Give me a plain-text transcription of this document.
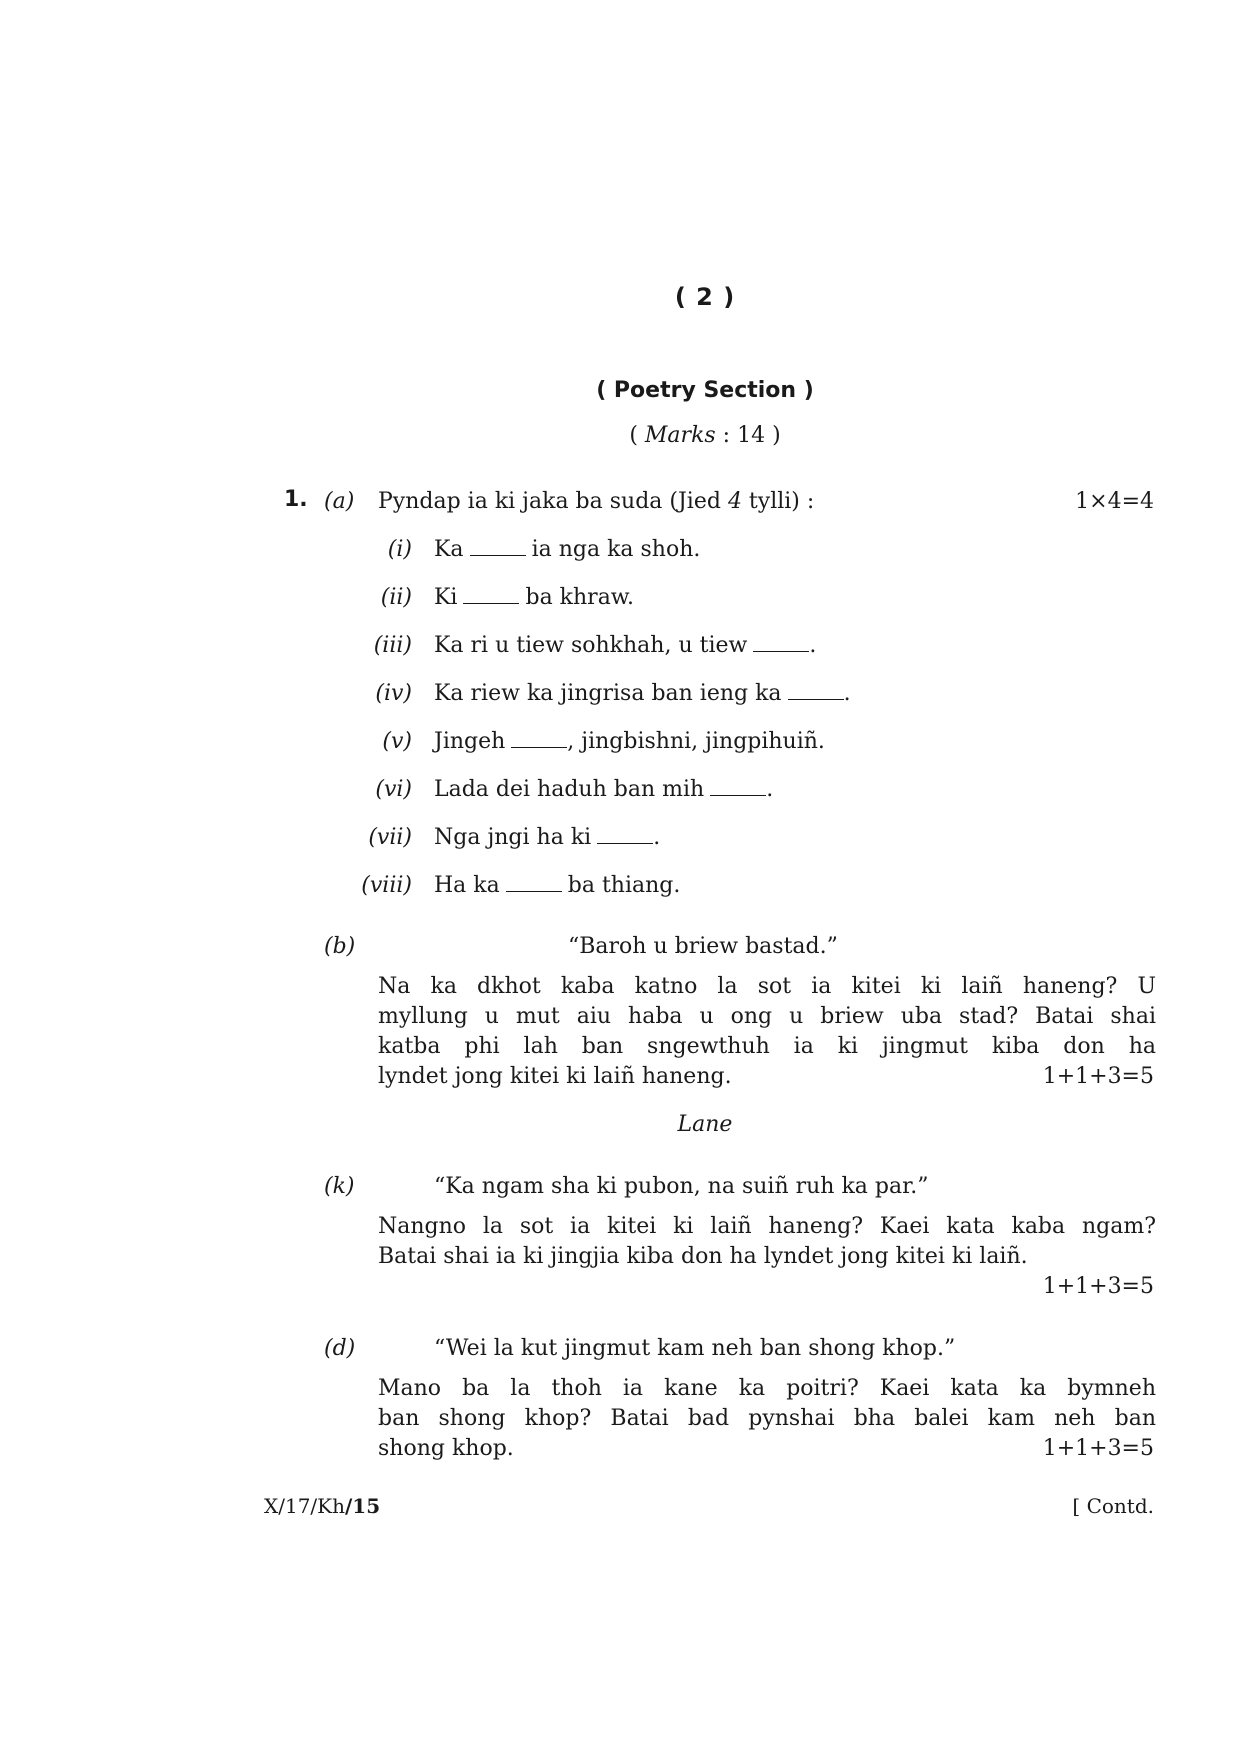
( 2 )
( Poetry Section )
( Marks : 14 )
1. (a) Pyndap ia ki jaka ba suda (Jied 4 tylli) :	1×4=4
(i) Ka	ia nga ka shoh.
(ii) Ki	ba khraw.
(iii) Ka ri u tiew sohkhah, u tiew	.
(iv) Ka riew ka jingrisa ban ieng ka	.
(v) Jingeh	, jingbishni, jingpihuiñ.
(vi) Lada dei haduh ban mih	.
(vii) Nga jngi ha ki	.
(viii) Ha ka	ba thiang.
(b)	“Baroh u briew bastad.”
Na ka dkhot kaba katno la sot ia kitei ki laiñ haneng? U
myllung u mut aiu haba u ong u briew uba stad? Batai shai
katba phi lah ban sngewthuh ia ki jingmut kiba don ha
lyndet jong kitei ki laiñ haneng.	1+1+3=5
Lane
(k)	“Ka ngam sha ki pubon, na suiñ ruh ka par.”
Nangno la sot ia kitei ki laiñ haneng? Kaei kata kaba ngam?
Batai shai ia ki jingjia kiba don ha lyndet jong kitei ki laiñ.
1+1+3=5
(d)	“Wei la kut jingmut kam neh ban shong khop.”
Mano ba la thoh ia kane ka poitri? Kaei kata ka bymneh
ban shong khop? Batai bad pynshai bha balei kam neh ban
shong khop.	1+1+3=5
X/17/Kh/15	[ Contd.
